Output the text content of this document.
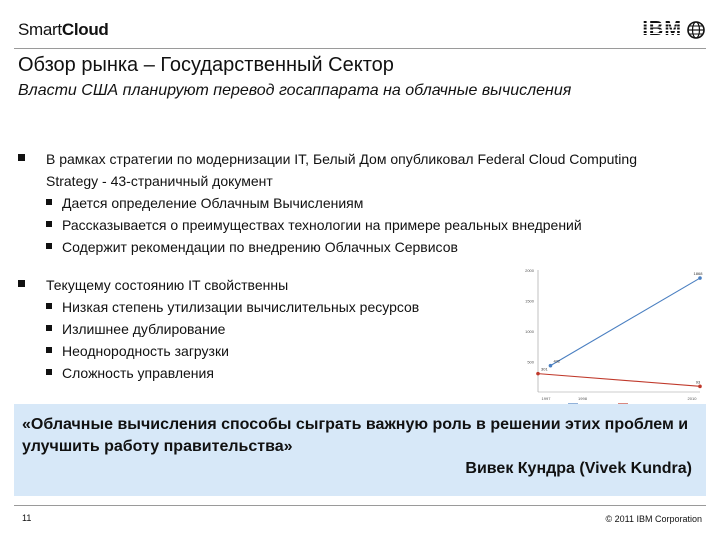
SmartCloud	IBM
Обзор рынка – Государственный Сектор
Власти США планируют перевод госаппарата на облачные вычисления
В рамках стратегии по модернизации IT, Белый Дом опубликовал Federal Cloud Computing Strategy - 43-страничный документ
Дается определение Облачным Вычислениям
Рассказывается о преимуществах технологии на примере реальных внедрений
Содержит рекомендации по внедрению Облачных Сервисов
Текущему состоянию IT свойственны
Низкая степень утилизации вычислительных ресурсов
Излишнее дублирование
Неоднородность загрузки
Сложность управления
2000
1500
1000
500
1997	1998	2010
432
1868
301
93
«Облачные вычисления способы сыграть важную роль в решении этих проблем и улучшить работу правительства»
Вивек Кундра (Vivek Kundra)
11	© 2011 IBM Corporation
